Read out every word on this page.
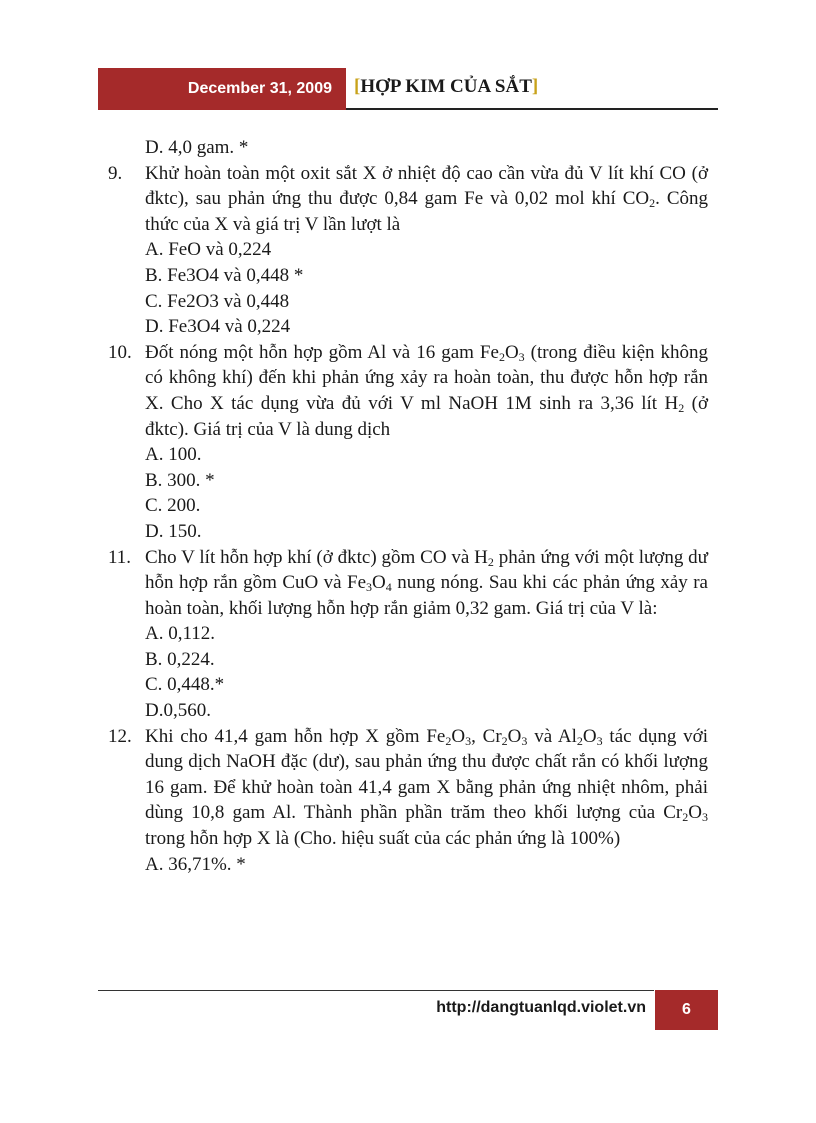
December 31, 2009 [HỢP KIM CỦA SẮT]
D. 4,0 gam. *
9. Khử hoàn toàn một oxit sắt X ở nhiệt độ cao cần vừa đủ V lít khí CO (ở đktc), sau phản ứng thu được 0,84 gam Fe và 0,02 mol khí $CO_2$. Công thức của X và giá trị V lần lượt là
A. FeO và 0,224
B. Fe3O4 và 0,448 *
C. Fe2O3 và 0,448
D. Fe3O4 và 0,224
10. Đốt nóng một hỗn hợp gồm Al và 16 gam $Fe_2O_3$ (trong điều kiện không có không khí) đến khi phản ứng xảy ra hoàn toàn, thu được hỗn hợp rắn X. Cho X tác dụng vừa đủ với V ml NaOH 1M sinh ra 3,36 lít $H_2$ (ở đktc). Giá trị của V là dung dịch
A. 100.
B. 300. *
C. 200.
D. 150.
11. Cho V lít hỗn hợp khí (ở đktc) gồm CO và $H_2$ phản ứng với một lượng dư hỗn hợp rắn gồm CuO và $Fe_3O_4$ nung nóng. Sau khi các phản ứng xảy ra hoàn toàn, khối lượng hỗn hợp rắn giảm 0,32 gam. Giá trị của V là:
A. 0,112.
B. 0,224.
C. 0,448.*
D.0,560.
12. Khi cho 41,4 gam hỗn hợp X gồm $Fe_2O_3$, $Cr_2O_3$ và $Al_2O_3$ tác dụng với dung dịch NaOH đặc (dư), sau phản ứng thu được chất rắn có khối lượng 16 gam. Để khử hoàn toàn 41,4 gam X bằng phản ứng nhiệt nhôm, phải dùng 10,8 gam Al. Thành phần phần trăm theo khối lượng của $Cr_2O_3$ trong hỗn hợp X là (Cho. hiệu suất của các phản ứng là 100%)
A. 36,71%. *
http://dangtuanlqd.violet.vn 6
